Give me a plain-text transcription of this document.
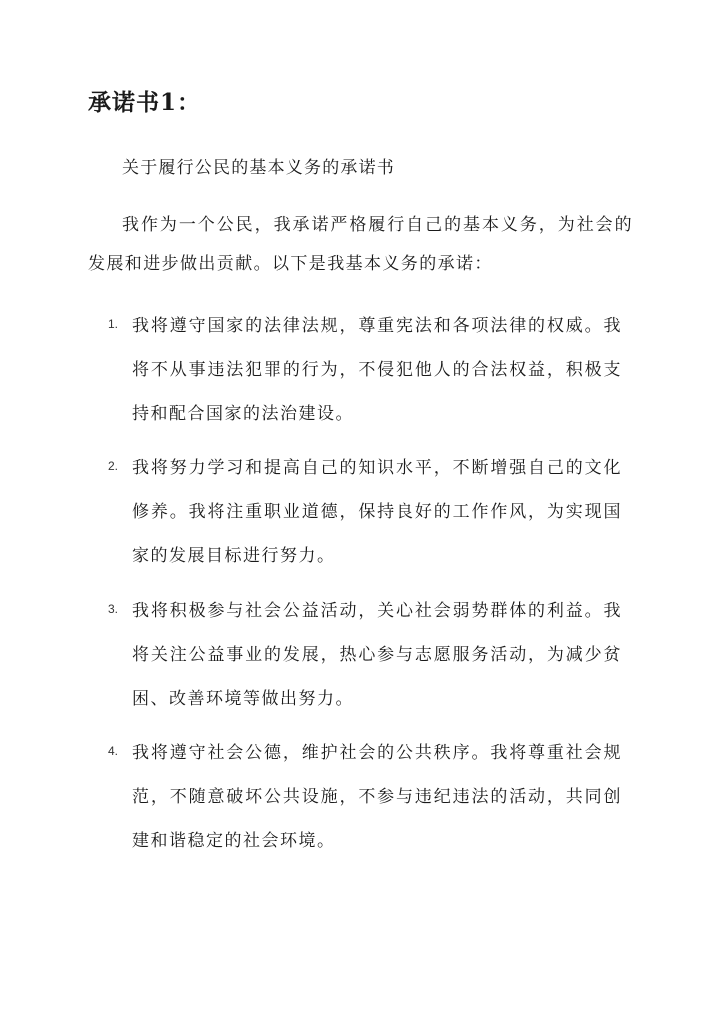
承诺书1：

关于履行公民的基本义务的承诺书

我作为一个公民，我承诺严格履行自己的基本义务，为社会的发展和进步做出贡献。以下是我基本义务的承诺：

1. 我将遵守国家的法律法规，尊重宪法和各项法律的权威。我将不从事违法犯罪的行为，不侵犯他人的合法权益，积极支持和配合国家的法治建设。

2. 我将努力学习和提高自己的知识水平，不断增强自己的文化修养。我将注重职业道德，保持良好的工作作风，为实现国家的发展目标进行努力。

3. 我将积极参与社会公益活动，关心社会弱势群体的利益。我将关注公益事业的发展，热心参与志愿服务活动，为减少贫困、改善环境等做出努力。

4. 我将遵守社会公德，维护社会的公共秩序。我将尊重社会规范，不随意破坏公共设施，不参与违纪违法的活动，共同创建和谐稳定的社会环境。
